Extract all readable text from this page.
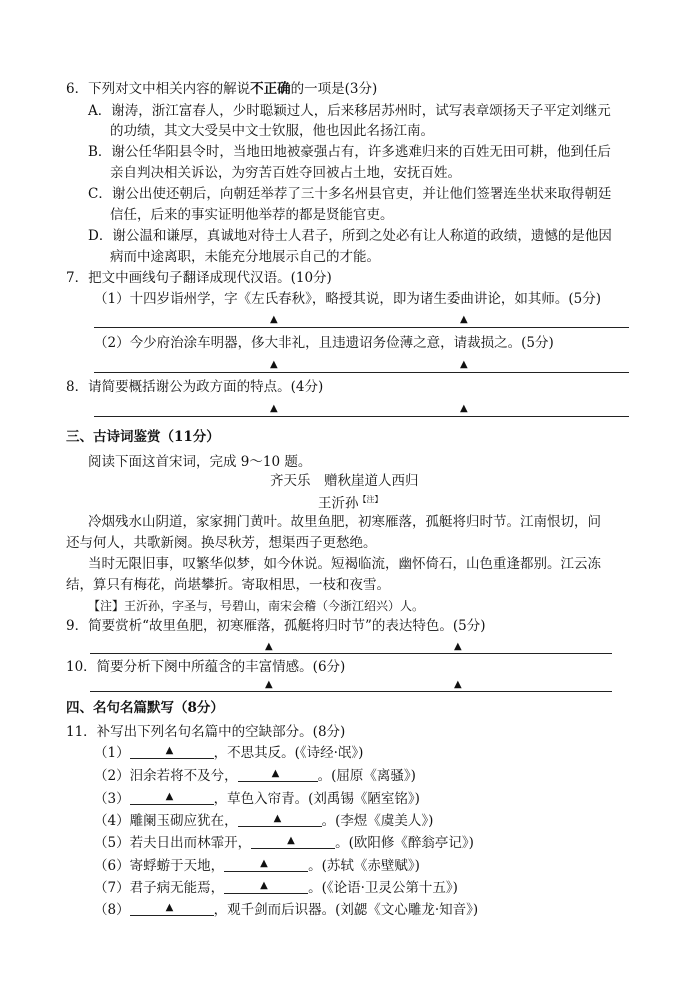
6．下列对文中相关内容的解说不正确的一项是(3分)
A．谢涛，浙江富春人，少时聪颖过人，后来移居苏州时，试写表章颂扬天子平定刘继元
的功绩，其文大受吴中文士钦服，他也因此名扬江南。
B．谢公任华阳县令时，当地田地被豪强占有，许多逃难归来的百姓无田可耕，他到任后
亲自判决相关诉讼，为穷苦百姓夺回被占土地，安抚百姓。
C．谢公出使还朝后，向朝廷举荐了三十多名州县官吏，并让他们签署连坐状来取得朝廷
信任，后来的事实证明他举荐的都是贤能官吏。
D．谢公温和谦厚，真诚地对待士人君子，所到之处必有让人称道的政绩，遗憾的是他因
病而中途离职，未能充分地展示自己的才能。
7．把文中画线句子翻译成现代汉语。(10分)
（1）十四岁诣州学，字《左氏春秋》，略授其说，即为诸生委曲讲论，如其师。(5分)
▲	▲
（2）今少府治涂车明器，侈大非礼，且违遗诏务俭薄之意，请裁损之。(5分)
▲	▲
8．请简要概括谢公为政方面的特点。(4分)
▲	▲
三、古诗词鉴赏（11分）
阅读下面这首宋词，完成 9～10 题。
齐天乐　赠秋崖道人西归
王沂孙$^{【注】}$
冷烟残水山阴道，家家拥门黄叶。故里鱼肥，初寒雁落，孤艇将归时节。江南恨切，问
还与何人，共歌新阕。换尽秋芳，想渠西子更愁绝。
当时无限旧事，叹繁华似梦，如今休说。短褐临流，幽怀倚石，山色重逢都别。江云冻
结，算只有梅花，尚堪攀折。寄取相思，一枝和夜雪。
【注】王沂孙，字圣与，号碧山，南宋会稽（今浙江绍兴）人。
9．简要赏析“故里鱼肥，初寒雁落，孤艇将归时节”的表达特色。(5分)
▲	▲
10．简要分析下阕中所蕴含的丰富情感。(6分)
▲	▲
四、名句名篇默写（8分）
11．补写出下列名句名篇中的空缺部分。(8分)
（1）	▲	，不思其反。(《诗经·氓》)
（2）汨余若将不及兮，	▲	。(屈原《离骚》)
（3）	▲	，草色入帘青。(刘禹锡《陋室铭》)
（4）雕阑玉砌应犹在，	▲	。(李煜《虞美人》)
（5）若夫日出而林霏开，	▲	。(欧阳修《醉翁亭记》)
（6）寄蜉蝣于天地，	▲	。(苏轼《赤壁赋》)
（7）君子病无能焉，	▲	。(《论语·卫灵公第十五》)
（8）	▲	，观千剑而后识器。(刘勰《文心雕龙·知音》)
